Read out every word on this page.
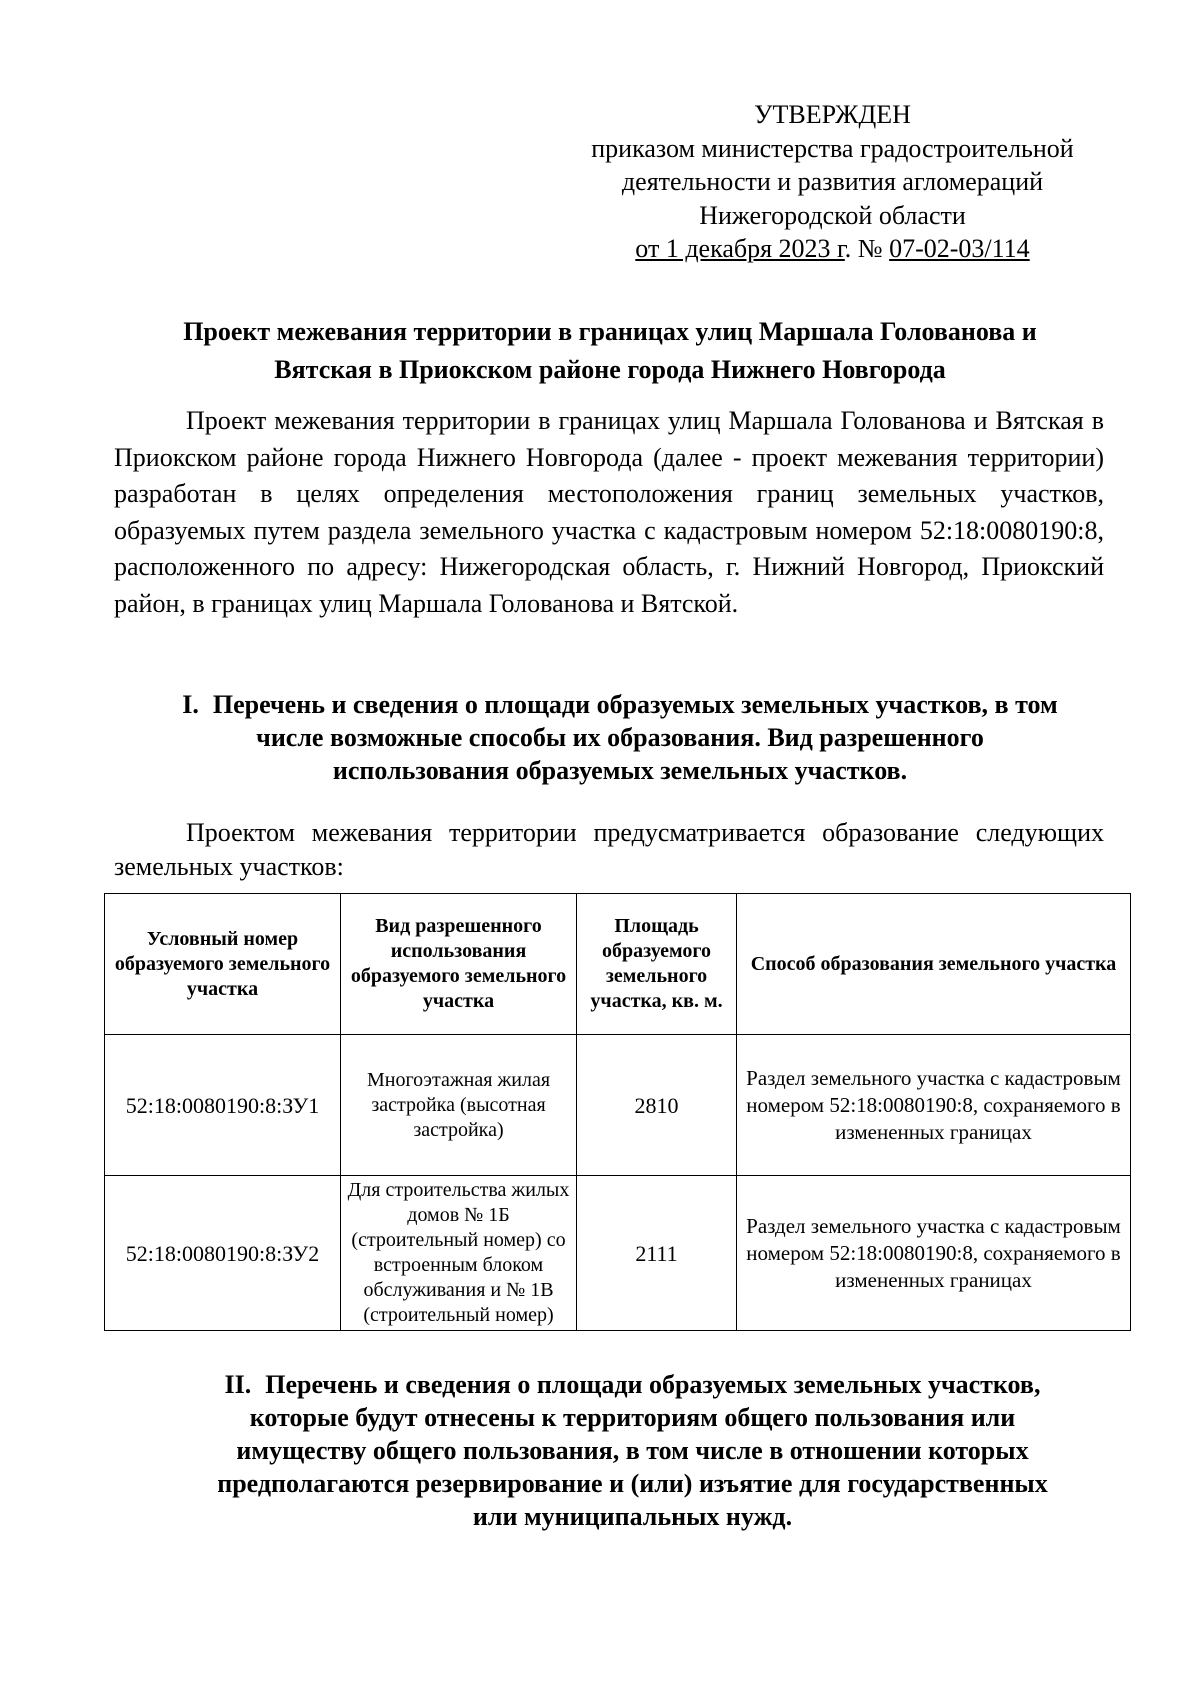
УТВЕРЖДЕН
приказом министерства градостроительной
деятельности и развития агломераций
Нижегородской области
от 1 декабря 2023 г. № 07-02-03/114
Проект межевания территории в границах улиц Маршала Голованова и
Вятская в Приокском районе города Нижнего Новгорода
Проект межевания территории в границах улиц Маршала Голованова и Вятская в Приокском районе города Нижнего Новгорода (далее - проект межевания территории) разработан в целях определения местоположения границ земельных участков, образуемых путем раздела земельного участка с кадастровым номером 52:18:0080190:8, расположенного по адресу: Нижегородская область, г. Нижний Новгород, Приокский район, в границах улиц Маршала Голованова и Вятской.
I. Перечень и сведения о площади образуемых земельных участков, в том
числе возможные способы их образования. Вид разрешенного
использования образуемых земельных участков.
Проектом межевания территории предусматривается образование следующих земельных участков:
Условный номер образуемого земельного участка	Вид разрешенного использования образуемого земельного участка	Площадь образуемого земельного участка, кв. м.	Способ образования земельного участка
52:18:0080190:8:ЗУ1	Многоэтажная жилая застройка (высотная застройка)	2810	Раздел земельного участка с кадастровым номером 52:18:0080190:8, сохраняемого в измененных границах
52:18:0080190:8:ЗУ2	Для строительства жилых домов № 1Б (строительный номер) со встроенным блоком обслуживания и № 1В (строительный номер)	2111	Раздел земельного участка с кадастровым номером 52:18:0080190:8, сохраняемого в измененных границах
II. Перечень и сведения о площади образуемых земельных участков,
которые будут отнесены к территориям общего пользования или
имуществу общего пользования, в том числе в отношении которых
предполагаются резервирование и (или) изъятие для государственных
или муниципальных нужд.
